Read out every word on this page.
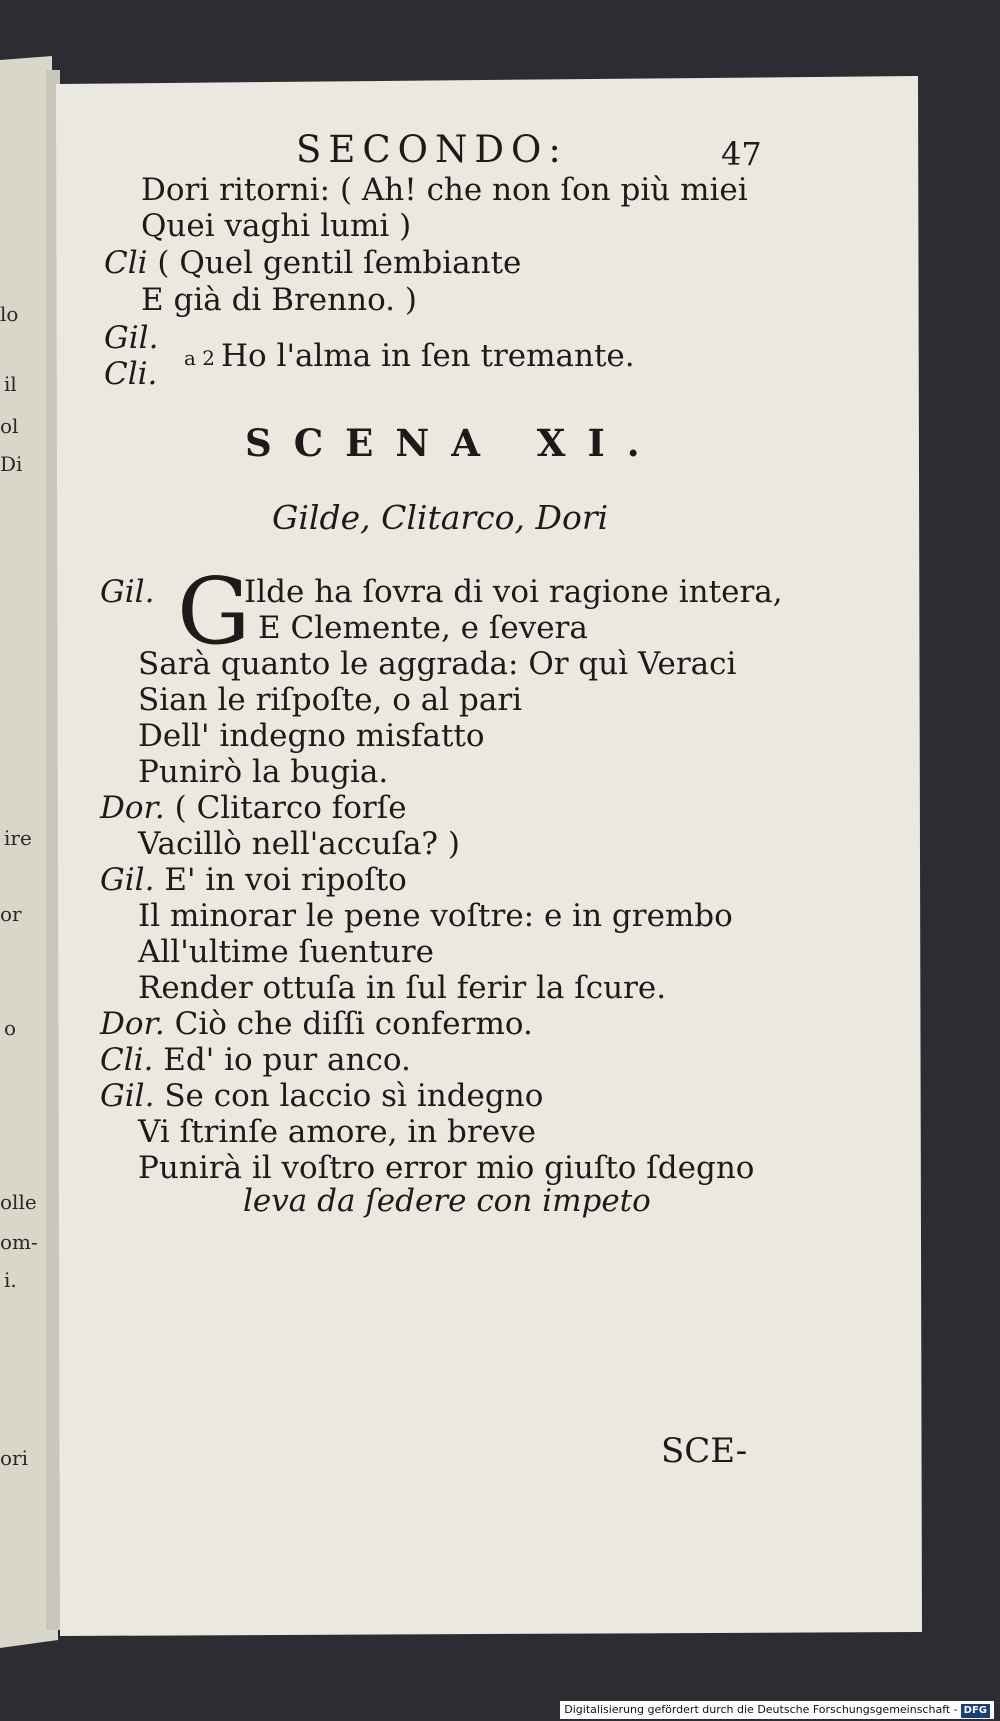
lo
il
ol
Di
ire
or
o
olle
om-
i.
ori
SECONDO:	47
Dori ritorni: ( Ah! che non ſon più miei
Quei vaghi lumi )
Cli ( Quel gentil ſembiante
E già di Brenno. )
Gil.
Cli. a 2 Ho l'alma in ſen tremante.
SCENA XI.
Gilde, Clitarco, Dori
Gil. G
Ilde ha ſovra di voi ragione intera,
E Clemente, e ſevera
Sarà quanto le aggrada: Or quì Veraci
Sian le riſpoſte, o al pari
Dell' indegno misfatto
Punirò la bugia.
Dor. ( Clitarco forſe
Vacillò nell'accuſa? )
Gil. E' in voi ripoſto
Il minorar le pene voſtre: e in grembo
All'ultime ſuenture
Render ottuſa in ſul ferir la ſcure.
Dor. Ciò che diſſi confermo.
Cli. Ed' io pur anco.
Gil. Se con laccio sì indegno
Vi ſtrinſe amore, in breve
Punirà il voſtro error mio giuſto ſdegno
leva da ſedere con impeto
SCE-
Digitalisierung gefördert durch die Deutsche Forschungsgemeinschaft - DFG
